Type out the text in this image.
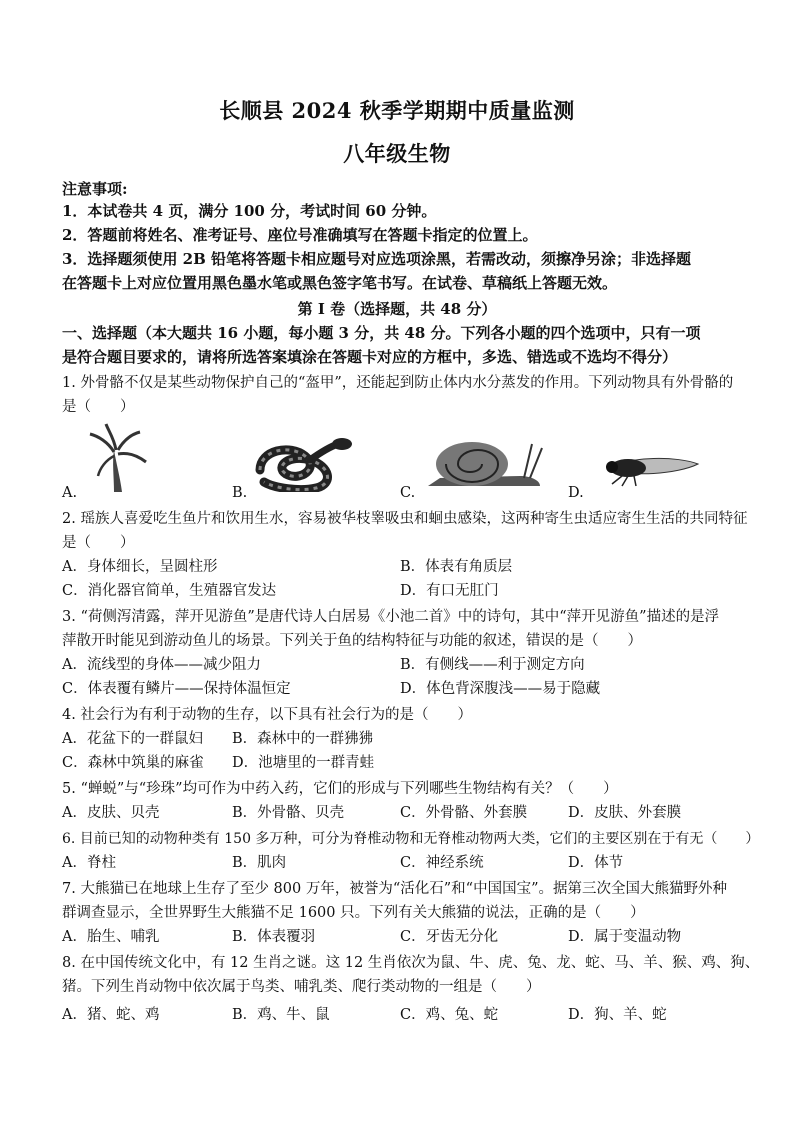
长顺县 2024 秋季学期期中质量监测
八年级生物
注意事项:
1．本试卷共 4 页，满分 100 分，考试时间 60 分钟。
2．答题前将姓名、准考证号、座位号准确填写在答题卡指定的位置上。
3．选择题须使用 2B 铅笔将答题卡相应题号对应选项涂黑，若需改动，须擦净另涂；非选择题
在答题卡上对应位置用黑色墨水笔或黑色签字笔书写。在试卷、草稿纸上答题无效。
第 I 卷（选择题，共 48 分）
一、选择题（本大题共 16 小题，每小题 3 分，共 48 分。下列各小题的四个选项中，只有一项
是符合题目要求的，请将所选答案填涂在答题卡对应的方框中，多选、错选或不选均不得分）
1. 外骨骼不仅是某些动物保护自己的“盔甲”，还能起到防止体内水分蒸发的作用。下列动物具有外骨骼的
是（　　）
A.	B.	C.	D.
2. 瑶族人喜爱吃生鱼片和饮用生水，容易被华枝睾吸虫和蛔虫感染，这两种寄生虫适应寄生生活的共同特征
是（　　）
A．身体细长，呈圆柱形	B．体表有角质层
C．消化器官简单，生殖器官发达	D．有口无肛门
3. “荷侧泻清露，萍开见游鱼”是唐代诗人白居易《小池二首》中的诗句，其中“萍开见游鱼”描述的是浮
萍散开时能见到游动鱼儿的场景。下列关于鱼的结构特征与功能的叙述，错误的是（　　）
A．流线型的身体——减少阻力	B．有侧线——利于测定方向
C．体表覆有鳞片——保持体温恒定	D．体色背深腹浅——易于隐藏
4. 社会行为有利于动物的生存，以下具有社会行为的是（　　）
A．花盆下的一群鼠妇 B．森林中的一群狒狒
C．森林中筑巢的麻雀 D．池塘里的一群青蛙
5. “蝉蜕”与“珍珠”均可作为中药入药，它们的形成与下列哪些生物结构有关？（　　）
A．皮肤、贝壳	B．外骨骼、贝壳	C．外骨骼、外套膜	D．皮肤、外套膜
6. 目前已知的动物种类有 150 多万种，可分为脊椎动物和无脊椎动物两大类，它们的主要区别在于有无（　　）
A．脊柱	B．肌肉	C．神经系统	D．体节
7. 大熊猫已在地球上生存了至少 800 万年，被誉为“活化石”和“中国国宝”。据第三次全国大熊猫野外种
群调查显示，全世界野生大熊猫不足 1600 只。下列有关大熊猫的说法，正确的是（　　）
A．胎生、哺乳	B．体表覆羽	C．牙齿无分化	D．属于变温动物
8. 在中国传统文化中，有 12 生肖之谜。这 12 生肖依次为鼠、牛、虎、兔、龙、蛇、马、羊、猴、鸡、狗、
猪。下列生肖动物中依次属于鸟类、哺乳类、爬行类动物的一组是（　　）
A．猪、蛇、鸡	B．鸡、牛、鼠	C．鸡、兔、蛇	D．狗、羊、蛇
